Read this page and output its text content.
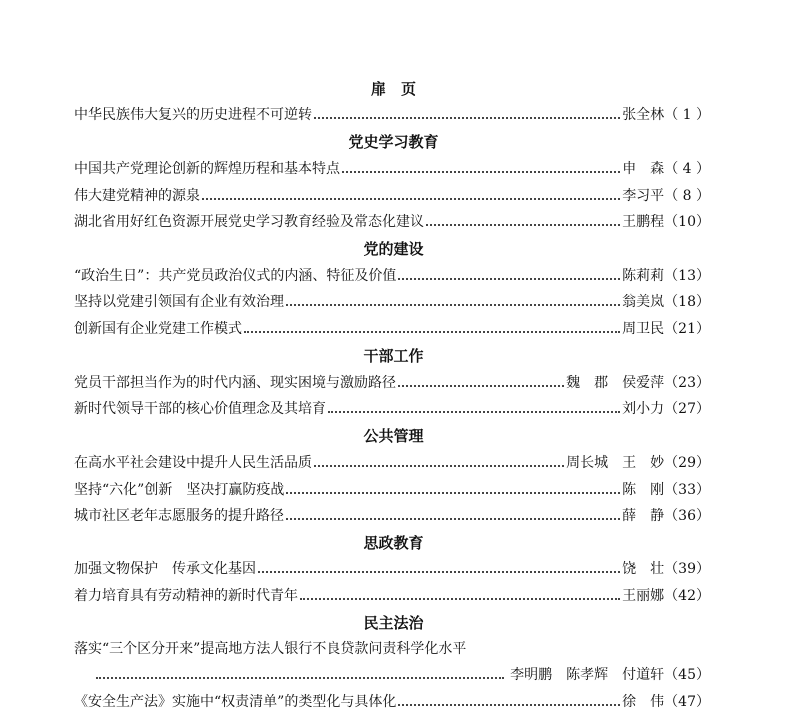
扉　页
中华民族伟大复兴的历史进程不可逆转	张全林 （ 1 ）
党史学习教育
中国共产党理论创新的辉煌历程和基本特点	申　森 （ 4 ）
伟大建党精神的源泉	李习平 （ 8 ）
湖北省用好红色资源开展党史学习教育经验及常态化建议	王鹏程 （10）
党的建设
“政治生日”：共产党员政治仪式的内涵、特征及价值	陈莉莉 （13）
坚持以党建引领国有企业有效治理	翁美岚 （18）
创新国有企业党建工作模式	周卫民 （21）
干部工作
党员干部担当作为的时代内涵、现实困境与激励路径	魏　郡　侯爱萍 （23）
新时代领导干部的核心价值理念及其培育	刘小力 （27）
公共管理
在高水平社会建设中提升人民生活品质	周长城　王　妙 （29）
坚持“六化”创新　坚决打赢防疫战	陈　刚 （33）
城市社区老年志愿服务的提升路径	薛　静 （36）
思政教育
加强文物保护　传承文化基因	饶　壮 （39）
着力培育具有劳动精神的新时代青年	王丽娜 （42）
民主法治
落实“三个区分开来”提高地方法人银行不良贷款问责科学化水平
李明鹏　陈孝辉　付道轩 （45）
《安全生产法》实施中“权责清单”的类型化与具体化	徐　伟 （47）
